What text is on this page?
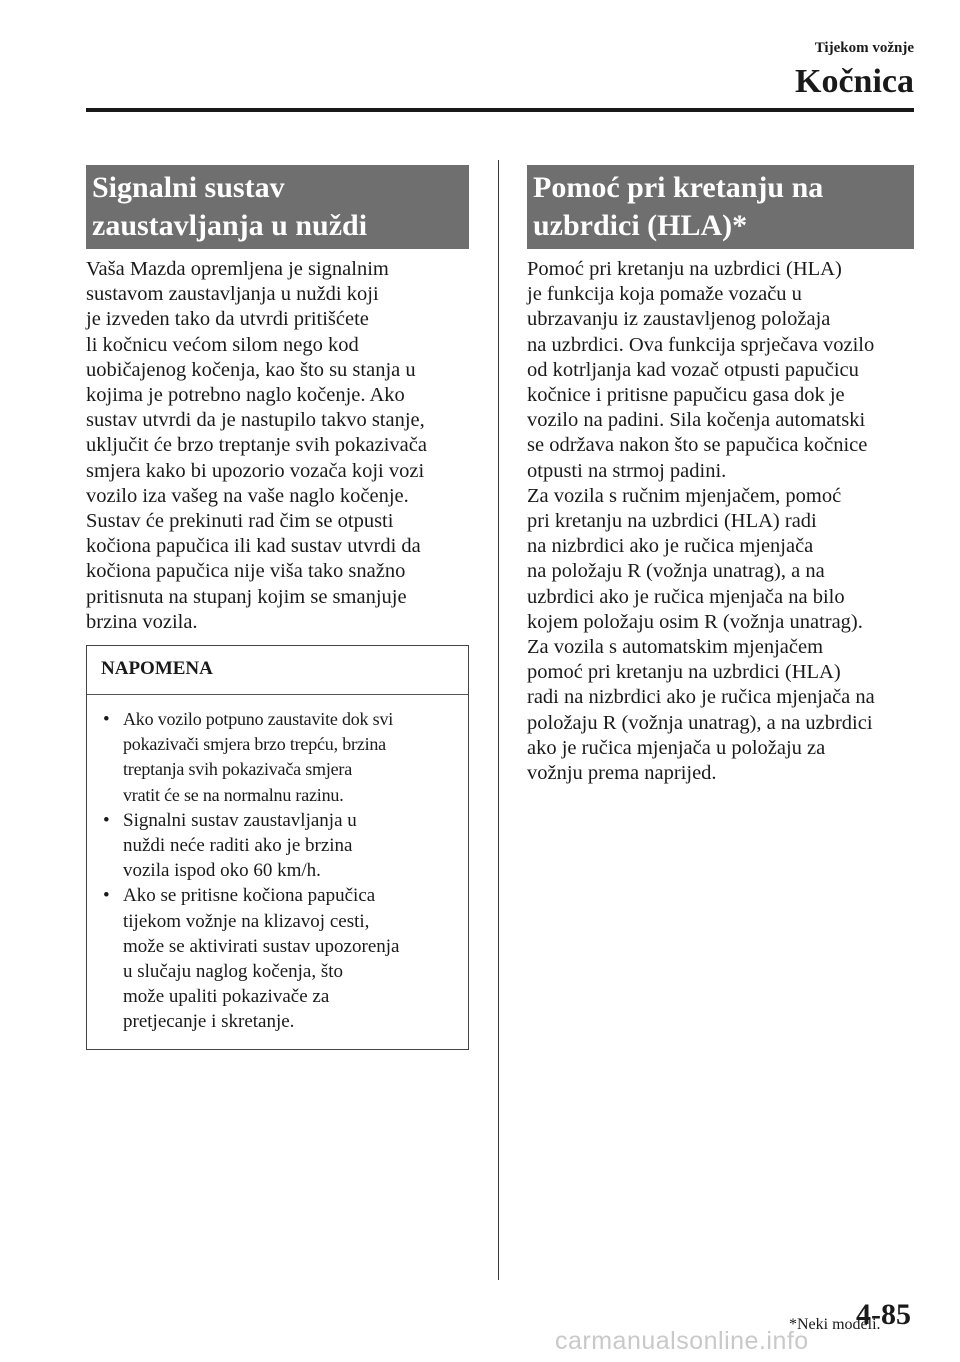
Tijekom vožnje
Kočnica
Signalni sustav
zaustavljanja u nuždi
Vaša Mazda opremljena je signalnim
sustavom zaustavljanja u nuždi koji
je izveden tako da utvrdi pritišćete
li kočnicu većom silom nego kod
uobičajenog kočenja, kao što su stanja u
kojima je potrebno naglo kočenje. Ako
sustav utvrdi da je nastupilo takvo stanje,
uključit će brzo treptanje svih pokazivača
smjera kako bi upozorio vozača koji vozi
vozilo iza vašeg na vaše naglo kočenje.
Sustav će prekinuti rad čim se otpusti
kočiona papučica ili kad sustav utvrdi da
kočiona papučica nije viša tako snažno
pritisnuta na stupanj kojim se smanjuje
brzina vozila.
NAPOMENA
• Ako vozilo potpuno zaustavite dok svi
pokazivači smjera brzo trepću, brzina
treptanja svih pokazivača smjera
vratit će se na normalnu razinu.
• Signalni sustav zaustavljanja u
nuždi neće raditi ako je brzina
vozila ispod oko 60 km/h.
• Ako se pritisne kočiona papučica
tijekom vožnje na klizavoj cesti,
može se aktivirati sustav upozorenja
u slučaju naglog kočenja, što
može upaliti pokazivače za
pretjecanje i skretanje.
Pomoć pri kretanju na
uzbrdici (HLA)*
Pomoć pri kretanju na uzbrdici (HLA)
je funkcija koja pomaže vozaču u
ubrzavanju iz zaustavljenog položaja
na uzbrdici. Ova funkcija sprječava vozilo
od kotrljanja kad vozač otpusti papučicu
kočnice i pritisne papučicu gasa dok je
vozilo na padini. Sila kočenja automatski
se održava nakon što se papučica kočnice
otpusti na strmoj padini.
Za vozila s ručnim mjenjačem, pomoć
pri kretanju na uzbrdici (HLA) radi
na nizbrdici ako je ručica mjenjača
na položaju R (vožnja unatrag), a na
uzbrdici ako je ručica mjenjača na bilo
kojem položaju osim R (vožnja unatrag).
Za vozila s automatskim mjenjačem
pomoć pri kretanju na uzbrdici (HLA)
radi na nizbrdici ako je ručica mjenjača na
položaju R (vožnja unatrag), a na uzbrdici
ako je ručica mjenjača u položaju za
vožnju prema naprijed.
*Neki modeli.
4-85
carmanualsonline.info
